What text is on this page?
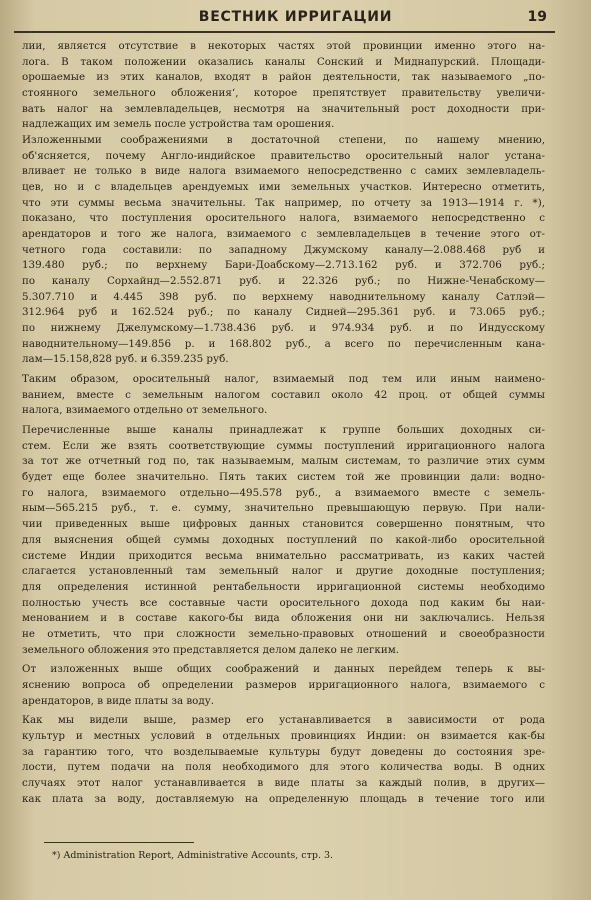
ВЕСТНИК ИРРИГАЦИИ	19
лии, являєтся отсутствие в некоторых частях этой провинции именно этого на-
лога. В таком положении оказались каналы Сонский и Миднапурский. Площади-
орошаемые из этих каналов, входят в район деятельности, так называемого „по-
стоянного земельного обложения‘, которое препятствует правительству увеличи-
вать налог на землевладельцев, несмотря на значительный рост доходности при-
надлежащих им земель после устройства там орошения.
Изложенными соображениями в достаточной степени, по нашему мнению,
об'ясняется, почему Англо-индийское правительство оросительный налог устана-
вливает не только в виде налога взимаемого непосредственно с самих землевладель-
цев, но и с владельцев арендуемых ими земельных участков. Интересно отметить,
что эти суммы весьма значительны. Так например, по отчету за 1913—1914 г. *),
показано, что поступления оросительного налога, взимаемого непосредственно с
арендаторов и того же налога, взимаемого с землевладельцев в течение этого от-
четного года составили: по западному Джумскому каналу—2.088.468 руб и
139.480 руб.; по верхнему Бари-Доабскому—2.713.162 руб. и 372.706 руб.;
по каналу Сорхайнд—2.552.871 руб. и 22.326 руб.; по Нижне-Ченабскому—
5.307.710 и 4.445 398 руб. по верхнему наводнительному каналу Сатлэй—
312.964 руб и 162.524 руб.; по каналу Сидней—295.361 руб. и 73.065 руб.;
по нижнему Джелумскому—1.738.436 руб. и 974.934 руб. и по Индусскому
наводнительному—149.856 р. и 168.802 руб., а всего по перечисленным кана-
лам—15.158,828 руб. и 6.359.235 руб.
Таким образом, оросительный налог, взимаемый под тем или иным наимено-
ванием, вместе с земельным налогом составил около 42 проц. от общей суммы
налога, взимаемого отдельно от земельного.
Перечисленные выше каналы принадлежат к группе больших доходных си-
стем. Если же взять соответствующие суммы поступлений ирригационного налога
за тот же отчетный год по, так называемым, малым системам, то различие этих сумм
будет еще более значительно. Пять таких систем той же провинции дали: водно-
го налога, взимаемого отдельно—495.578 руб., а взимаемого вместе с земель-
ным—565.215 руб., т. е. сумму, значительно превышающую первую. При нали-
чии приведенных выше цифровых данных становится совершенно понятным, что
для выяснения общей суммы доходных поступлений по какой-либо оросительной
системе Индии приходится весьма внимательно рассматривать, из каких частей
слагается установленный там земельный налог и другие доходные поступления;
для определения истинной рентабельности ирригационной системы необходимо
полностью учесть все составные части оросительного дохода под каким бы наи-
менованием и в составе какого-бы вида обложения они ни заключались. Нельзя
не отметить, что при сложности земельно-правовых отношений и своеобразности
земельного обложения это представляется делом далеко не легким.
От изложенных выше общих соображений и данных перейдем теперь к вы-
яснению вопроса об определении размеров ирригационного налога, взимаемого с
арендаторов, в виде платы за воду.
Как мы видели выше, размер его устанавливается в зависимости от рода
культур и местных условий в отдельных провинциях Индии: он взимается как-бы
за гарантию того, что возделываемые культуры будут доведены до состояния зре-
лости, путем подачи на поля необходимого для этого количества воды. В одних
случаях этот налог устанавливается в виде платы за каждый полив, в других—
как плата за воду, доставляемую на определенную площадь в течение того или
*) Administration Report, Administrative Accounts, стр. 3.
